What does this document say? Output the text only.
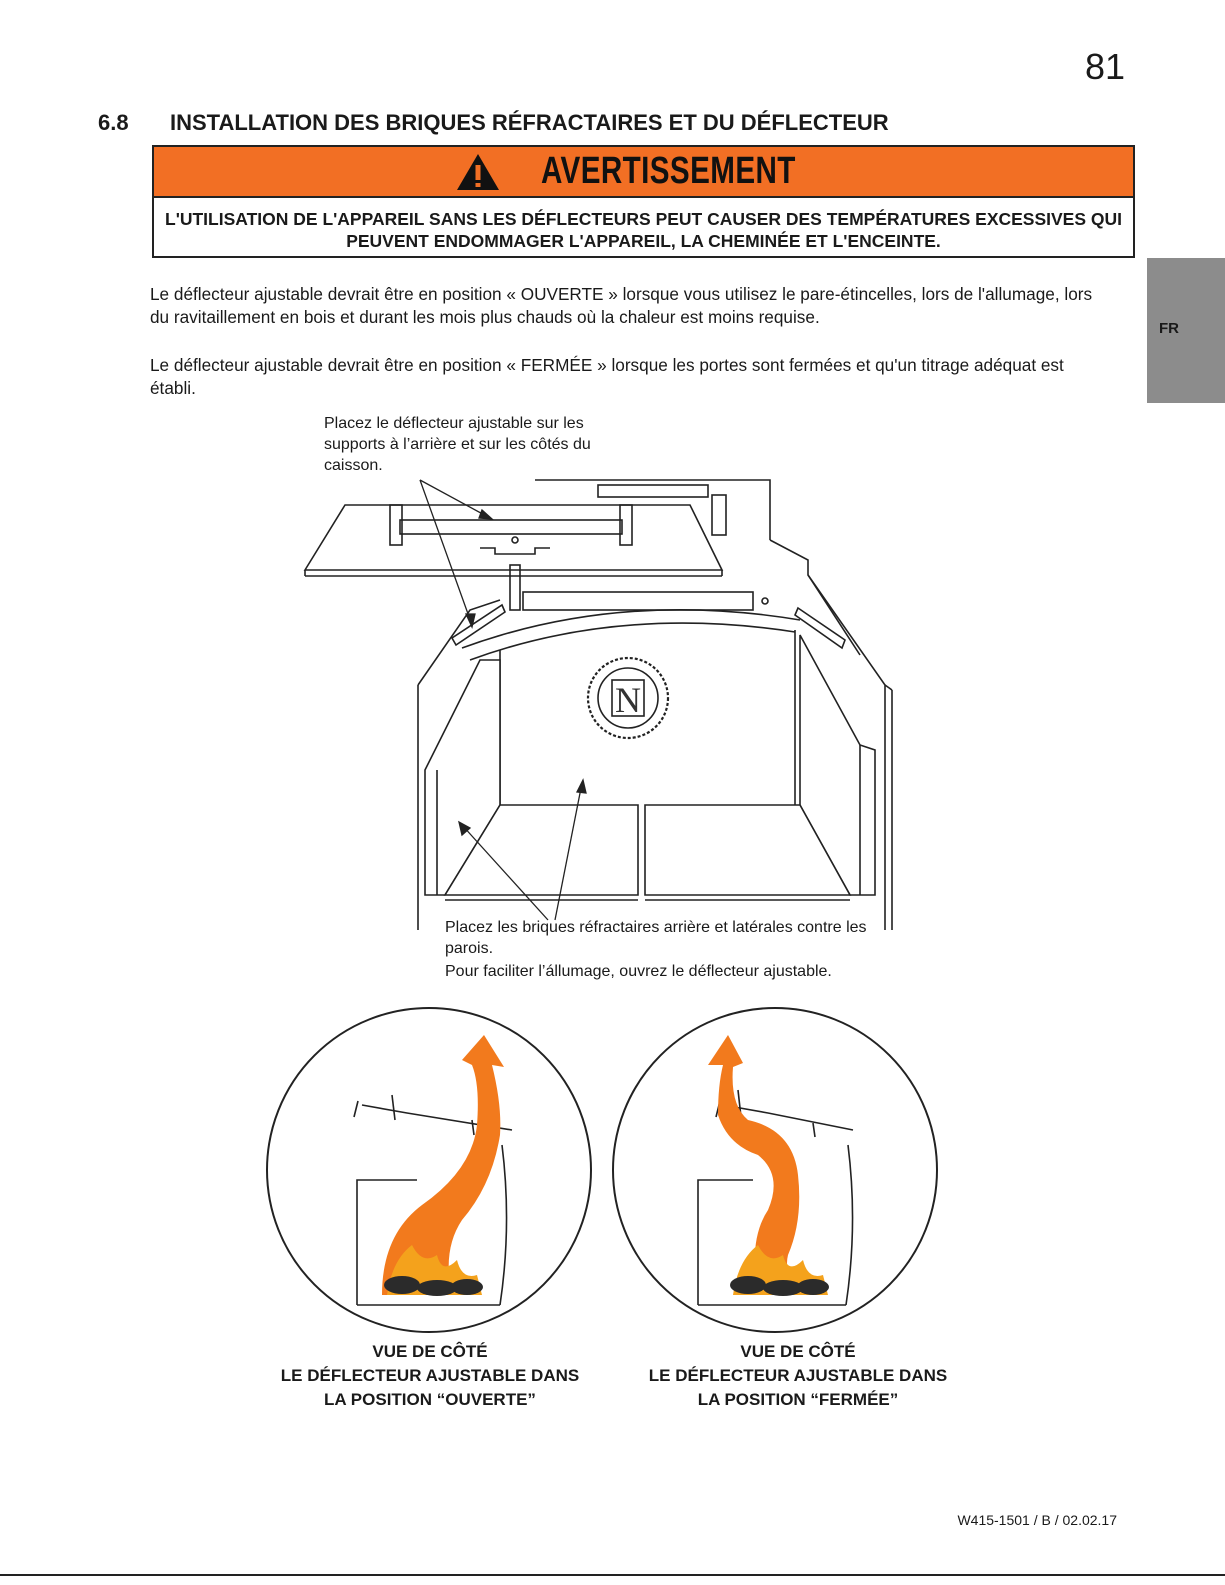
81
6.8 INSTALLATION DES BRIQUES RÉFRACTAIRES ET DU DÉFLECTEUR
FR
AVERTISSEMENT
L'UTILISATION DE L'APPAREIL SANS LES DÉFLECTEURS PEUT CAUSER DES TEMPÉRATURES EXCESSIVES QUI PEUVENT ENDOMMAGER L'APPAREIL, LA CHEMINÉE ET L'ENCEINTE.
Le déflecteur ajustable devrait être en position « OUVERTE » lorsque vous utilisez le pare-étincelles, lors de l'allumage, lors du ravitaillement en bois et durant les mois plus chauds où la chaleur est moins requise.
Le déflecteur ajustable devrait être en position « FERMÉE » lorsque les portes sont fermées et qu'un titrage adéquat est établi.
N
Placez le déflecteur ajustable sur les supports à l’arrière et sur les côtés du caisson.
Placez les briques réfractaires arrière et latérales contre les parois.
Pour faciliter l’állumage, ouvrez le déflecteur ajustable.
VUE DE CÔTÉ
LE DÉFLECTEUR AJUSTABLE DANS
LA POSITION “OUVERTE”
VUE DE CÔTÉ
LE DÉFLECTEUR AJUSTABLE DANS
LA POSITION “FERMÉE”
W415-1501 / B / 02.02.17
